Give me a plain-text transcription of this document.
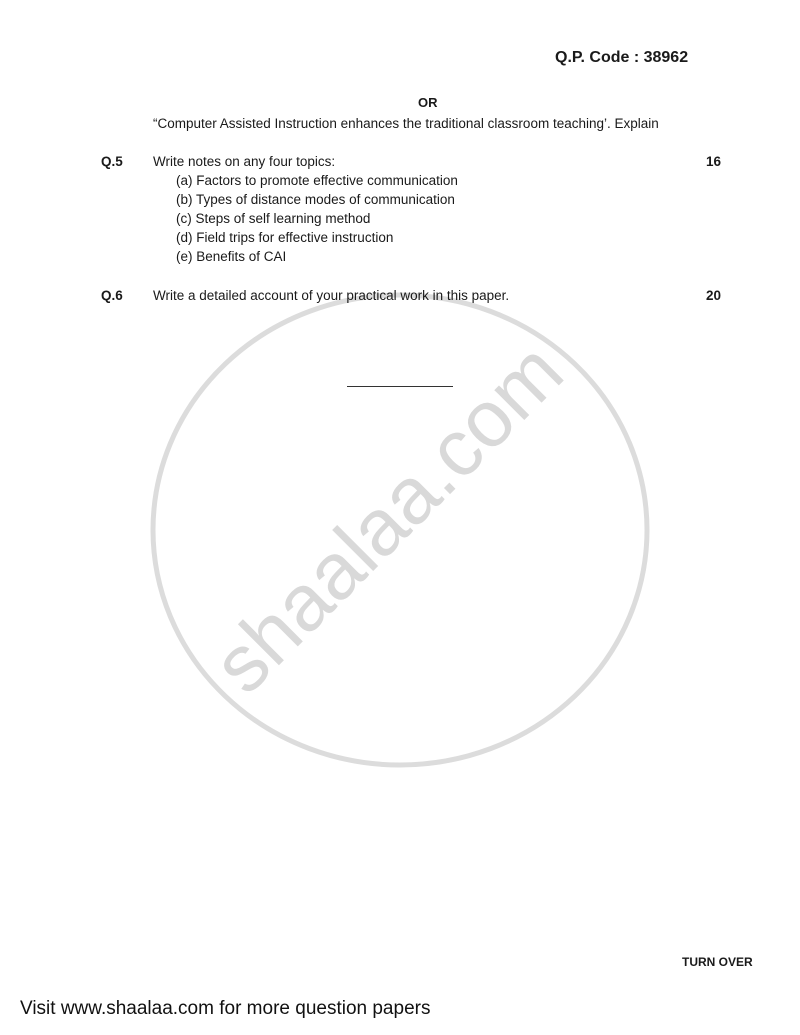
shaalaa.com
Q.P. Code : 38962
OR
“Computer Assisted Instruction enhances the traditional classroom teaching’. Explain
Q.5 Write notes on any four topics:	16
(a) Factors to promote effective communication
(b) Types of distance modes of communication
(c) Steps of self learning method
(d) Field trips for effective instruction
(e) Benefits of CAI
Q.6 Write a detailed account of your practical work in this paper.	20
TURN OVER
Visit www.shaalaa.com for more question papers
